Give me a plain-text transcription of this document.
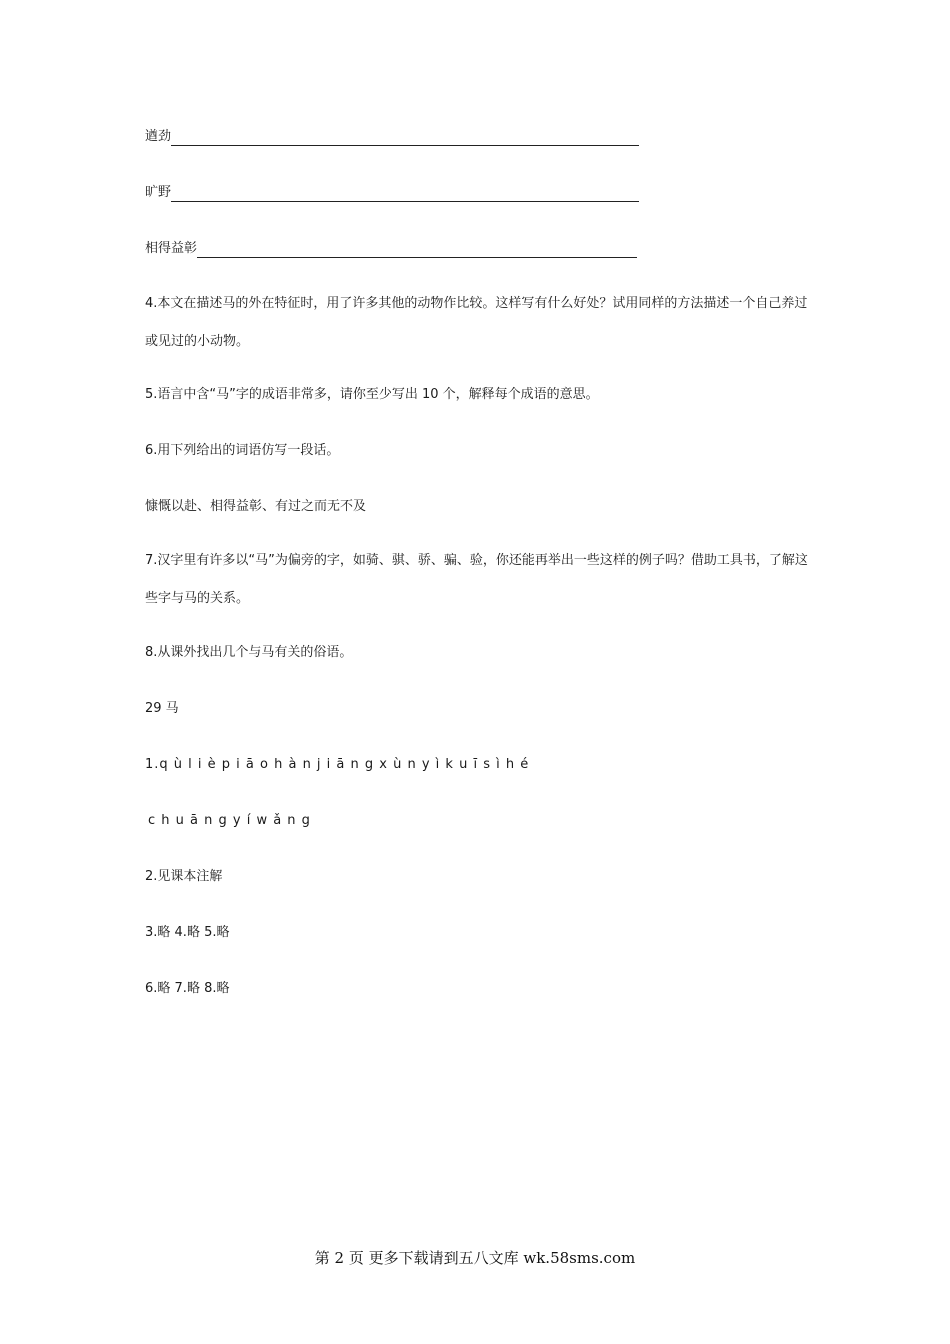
遒劲
旷野
相得益彰
4.本文在描述马的外在特征时，用了许多其他的动物作比较。这样写有什么好处？试用同样的方法描述一个自己养过或见过的小动物。
5.语言中含“马”字的成语非常多，请你至少写出 10 个，解释每个成语的意思。
6.用下列给出的词语仿写一段话。
慷慨以赴、相得益彰、有过之而无不及
7.汉字里有许多以“马”为偏旁的字，如骑、骐、骄、骗、验，你还能再举出一些这样的例子吗？借助工具书，了解这些字与马的关系。
8.从课外找出几个与马有关的俗语。
29 马
1.q ù l i è p i ā o h à n j i ā n g x ù n y ì k u ī s ì h é
c h u ā n g y í w ǎ n g
2.见课本注解
3.略 4.略 5.略
6.略 7.略 8.略
第 2 页 更多下载请到五八文库 wk.58sms.com
